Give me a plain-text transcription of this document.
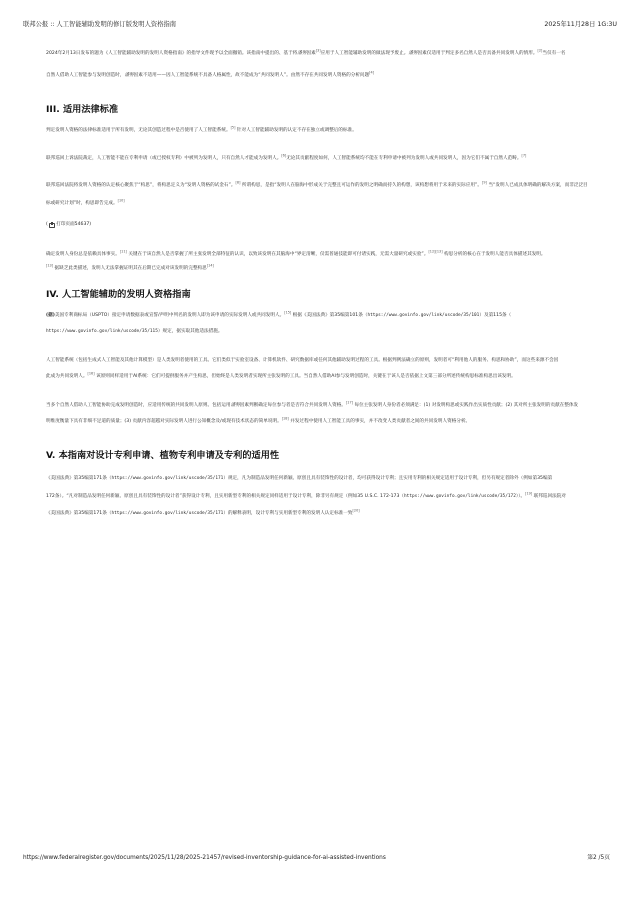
联邦公报 :: 人工智能辅助发明的修订版发明人资格指南	2025年11月28日 1G:3U
2024年2月13日发布的题为《人工智能辅助发明的发明人资格指南》的指导文件现予以全面撤销。该指南中提出的、基于将潘努因素[3]应用于人工智能辅助发明的做法现予废止。潘努因素仅适用于判定多名自然人是否具备共同发明人的情形。[2]当仅有一名
自然人借助人工智能参与发明创造时，潘努因素不适用——因人工智能系统不具备人格属性，故不能成为“共同发明人”。由然不存在共同发明人资格的分析问题[4]
III. 适用法律标准
判定发明人资格的法律标准适用于所有发明，无论其创造过程中是否使用了人工智能系统。[5] 针对人工智能辅助发明的认定不存在独立或调整后的标准。
联邦巡回上诉法院裁定，人工智能不能在专利申请（或已授权专利）中被列为发明人，只有自然人才能成为发明人。[6]无论其贡献程度如何，人工智能系统均不能在专利申请中被列为发明人或共同发明人，因为它们不属于自然人范畴。[7]
联邦巡回法院将发明人资格的认定核心聚焦于“构思”，将构思定义为“发明人资格的试金石”。[8] 所谓构思，是指“发明人在脑海中形成关于完整且可运作的发明之明确而持久的构想，该构想将用于未来的实际应用”。[9] 当“发明人已成具体明确的解决方案，而非泛泛目
标或研究计划”时，构思即告完成。[10]
( 打印页面54637)
确定发明人身份总是依赖具体事实。[11] 关键在于该自然人是否掌握了所主张发明全部特征的认识，以致该发明在其脑海中“界定清晰，仅需普通技能即可付诸实践，无需大量研究或实验”。[12][13] 构思分析的核心在于发明人能否具体描述其发明。
[13] 据缺乏此类描述，发明人无法掌握证明其在后期已完成对该发明的完整构思[14]
IV. 人工智能辅助的发明人资格指南
(据)美国专利商标局（USPTO）接定申请数据表或宣誓/声明中列名的发明人即为该申请的实际发明人或共同发明人。[15] 根据《美国法典》第35编第101条（https://www.govinfo.gov/link/uscode/35/101）及第115条（
https://www.govinfo.gov/link/uscode/35/115）规定，据实取其他适法措施。
人工智能系统（包括生成式人工智能及其他计算模型）是人类发明者使用的工具。它们类似于实验室设备、计算机软件、研究数据库或任何其他辅助发明过程的工具。根据判例法确立的原则，发明者可“利用他人的服务、构思和协助”，而这些来源不会因
此成为共同发明人。[16] 该原则同样适用于AI系统：它们可提供服务并产生构思，但始终是人类发明者实现所主张发明的工具。当自然人借助AI参与发明创造时，关键在于该人是否依据上文第三部分所述传统构思标准构思出该发明。
当多个自然人借助人工智能协助完成发明创造时，应适用传统的共同发明人原则。包括运用潘努因素判断确定每位参与者是否符合共同发明人资格。[17] 每位主张发明人身份者必须满足：(1) 对发明构思或实践作出实质性贡献；(2) 其对所主张发明的贡献在整体发
明维度衡量下具有非细不足道的质量；(3) 贡献内容超越对实际发明人进行公知概念及/或现有技术状态的简单说明。[18] 并发过程中使用人工智能工具的事实，并不改变人类贡献者之间的共同发明人资格分析。
V. 本指南对设计专利申请、植物专利申请及专利的适用性
《美国法典》第35编第171条（https://www.govinfo.gov/link/uscode/35/171）规定，凡为制造品发明任何新颖、原创且具有装饰性的设计者，均可获得设计专利；且实用专利的相关规定适用于设计专利，但另有规定者除外（例如第35编第
172条）。“凡对制造品发明任何新颖、原创且具有装饰性的设计者”获得设计专利，且实用新型专利的相关规定同样适用于设计专利，除非另有规定（例如35 U.S.C. 172-173（https://www.govinfo.gov/link/uscode/35/172））。[19] 联邦巡回法院对
《美国法典》第35编第171条（https://www.govinfo.gov/link/uscode/35/171）的解释表明，设计专利与实用新型专利的发明人认定标准一致[20]
https://www.federalregister.gov/documents/2025/11/28/2025-21457/revised-inventorship-guidance-for-ai-assisted-inventions	第2 /5页
